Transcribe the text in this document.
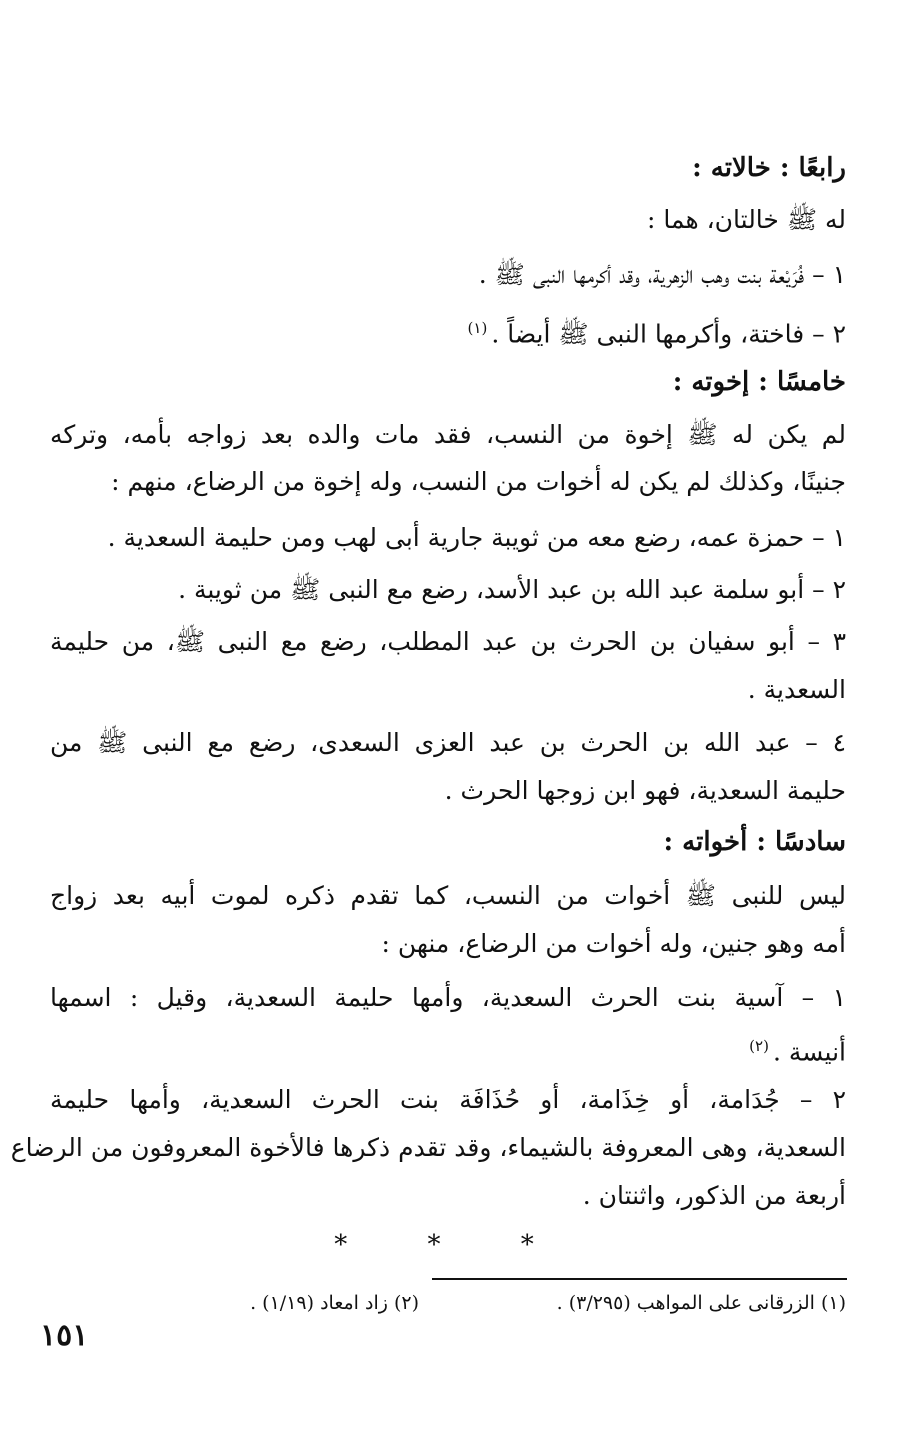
رابعًا : خالاته :
له ﷺ خالتان، هما :
١ – فُرَيْعة بنت وهب الزهرية، وقد أكرمها النبى ﷺ .
٢ – فاختة، وأكرمها النبى ﷺ أيضاً .$^{(١)}$
خامسًا : إخوته :
لم يكن له ﷺ إخوة من النسب، فقد مات والده بعد زواجه بأمه، وتركه
جنينًا، وكذلك لم يكن له أخوات من النسب، وله إخوة من الرضاع، منهم :
١ – حمزة عمه، رضع معه من ثويبة جارية أبى لهب ومن حليمة السعدية .
٢ – أبو سلمة عبد الله بن عبد الأسد، رضع مع النبى ﷺ من ثويبة .
٣ – أبو سفيان بن الحرث بن عبد المطلب، رضع مع النبى ﷺ، من حليمة
السعدية .
٤ – عبد الله بن الحرث بن عبد العزى السعدى، رضع مع النبى ﷺ من
حليمة السعدية، فهو ابن زوجها الحرث .
سادسًا : أخواته :
ليس للنبى ﷺ أخوات من النسب، كما تقدم ذكره لموت أبيه بعد زواج
أمه وهو جنين، وله أخوات من الرضاع، منهن :
١ – آسية بنت الحرث السعدية، وأمها حليمة السعدية، وقيل : اسمها
أنيسة .$^{(٢)}$
٢ – جُدَامة، أو خِذَامة، أو حُذَافَة بنت الحرث السعدية، وأمها حليمة
السعدية، وهى المعروفة بالشيماء، وقد تقدم ذكرها فالأخوة المعروفون من الرضاع
أربعة من الذكور، واثنتان .
* * *
(١) الزرقانى على المواهب (٣/٢٩٥) .
(٢) زاد امعاد (١/١٩) .
١٥١
